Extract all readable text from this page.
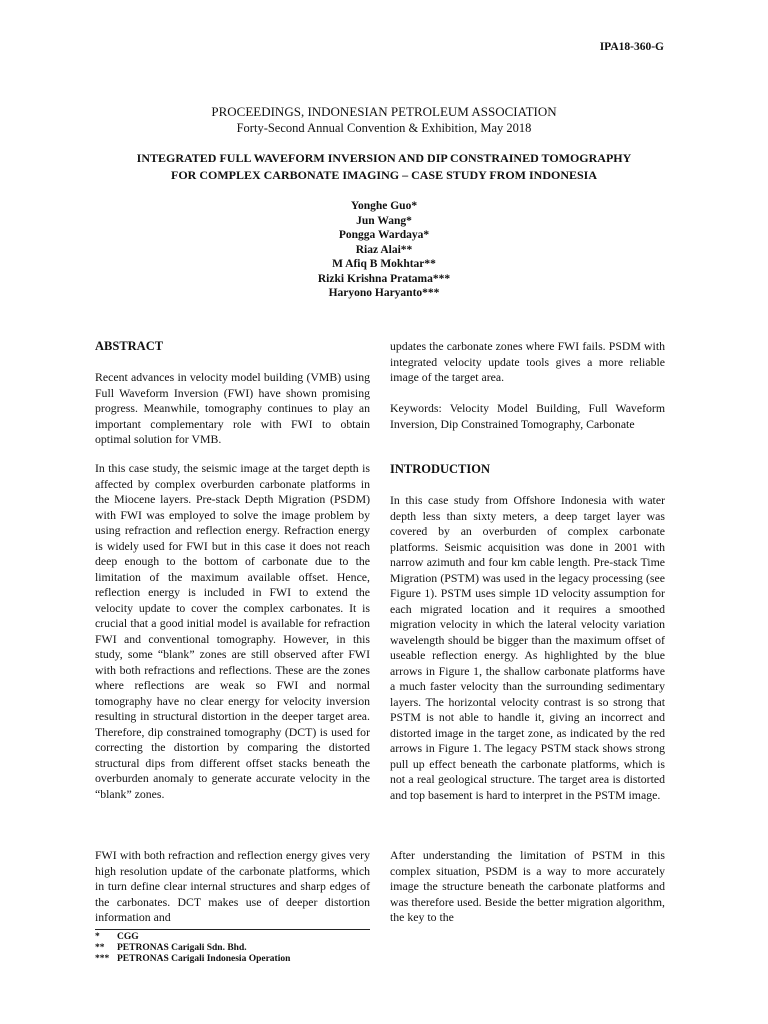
IPA18-360-G
PROCEEDINGS, INDONESIAN PETROLEUM ASSOCIATION
Forty-Second Annual Convention & Exhibition, May 2018
INTEGRATED FULL WAVEFORM INVERSION AND DIP CONSTRAINED TOMOGRAPHY
FOR COMPLEX CARBONATE IMAGING – CASE STUDY FROM INDONESIA
Yonghe Guo*
Jun Wang*
Pongga Wardaya*
Riaz Alai**
M Afiq B Mokhtar**
Rizki Krishna Pratama***
Haryono Haryanto***
ABSTRACT

Recent advances in velocity model building (VMB) using Full Waveform Inversion (FWI) have shown promising progress. Meanwhile, tomography continues to play an important complementary role with FWI to obtain optimal solution for VMB.

In this case study, the seismic image at the target depth is affected by complex overburden carbonate platforms in the Miocene layers. Pre-stack Depth Migration (PSDM) with FWI was employed to solve the image problem by using refraction and reflection energy. Refraction energy is widely used for FWI but in this case it does not reach deep enough to the bottom of carbonate due to the limitation of the maximum available offset. Hence, reflection energy is included in FWI to extend the velocity update to cover the complex carbonates. It is crucial that a good initial model is available for refraction FWI and conventional tomography. However, in this study, some “blank” zones are still observed after FWI with both refractions and reflections. These are the zones where reflections are weak so FWI and normal tomography have no clear energy for velocity inversion resulting in structural distortion in the deeper target area. Therefore, dip constrained tomography (DCT) is used for correcting the distortion by comparing the distorted structural dips from different offset stacks beneath the overburden anomaly to generate accurate velocity in the “blank” zones.

FWI with both refraction and reflection energy gives very high resolution update of the carbonate platforms, which in turn define clear internal structures and sharp edges of the carbonates. DCT makes use of deeper distortion information and

updates the carbonate zones where FWI fails. PSDM with integrated velocity update tools gives a more reliable image of the target area.

Keywords: Velocity Model Building, Full Waveform Inversion, Dip Constrained Tomography, Carbonate

INTRODUCTION

In this case study from Offshore Indonesia with water depth less than sixty meters, a deep target layer was covered by an overburden of complex carbonate platforms. Seismic acquisition was done in 2001 with narrow azimuth and four km cable length. Pre-stack Time Migration (PSTM) was used in the legacy processing (see Figure 1). PSTM uses simple 1D velocity assumption for each migrated location and it requires a smoothed migration velocity in which the lateral velocity variation wavelength should be bigger than the maximum offset of useable reflection energy. As highlighted by the blue arrows in Figure 1, the shallow carbonate platforms have a much faster velocity than the surrounding sedimentary layers. The horizontal velocity contrast is so strong that PSTM is not able to handle it, giving an incorrect and distorted image in the target zone, as indicated by the red arrows in Figure 1. The legacy PSTM stack shows strong pull up effect beneath the carbonate platforms, which is not a real geological structure. The target area is distorted and top basement is hard to interpret in the PSTM image.

After understanding the limitation of PSTM in this complex situation, PSDM is a way to more accurately image the structure beneath the carbonate platforms and was therefore used. Beside the better migration algorithm, the key to the

* CGG
** PETRONAS Carigali Sdn. Bhd.
*** PETRONAS Carigali Indonesia Operation
